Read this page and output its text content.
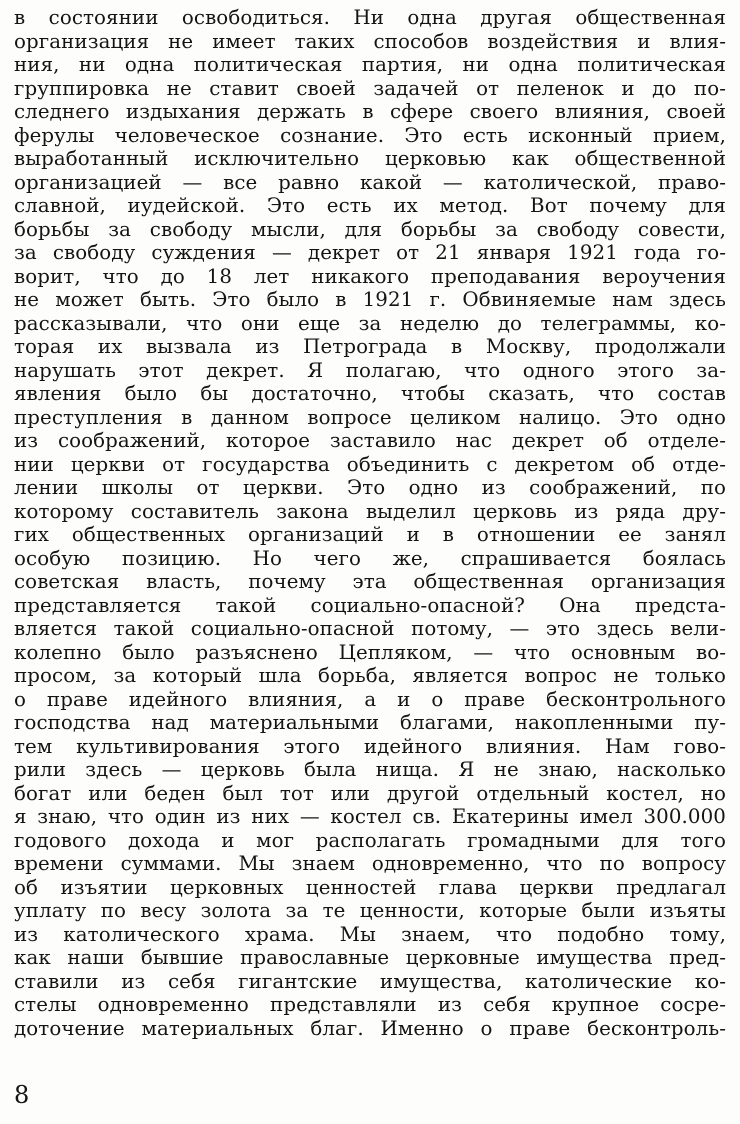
в состоянии освободиться. Ни одна другая общественная
организация не имеет таких способов воздействия и влия-
ния, ни одна политическая партия, ни одна политическая
группировка не ставит своей задачей от пеленок и до по-
следнего издыхания держать в сфере своего влияния, своей
ферулы человеческое сознание. Это есть исконный прием,
выработанный исключительно церковью как общественной
организацией — все равно какой — католической, право-
славной, иудейской. Это есть их метод. Вот почему для
борьбы за свободу мысли, для борьбы за свободу совести,
за свободу суждения — декрет от 21 января 1921 года го-
ворит, что до 18 лет никакого преподавания вероучения
не может быть. Это было в 1921 г. Обвиняемые нам здесь
рассказывали, что они еще за неделю до телеграммы, ко-
торая их вызвала из Петрограда в Москву, продолжали
нарушать этот декрет. Я полагаю, что одного этого за-
явления было бы достаточно, чтобы сказать, что состав
преступления в данном вопросе целиком налицо. Это одно
из соображений, которое заставило нас декрет об отделе-
нии церкви от государства объединить с декретом об отде-
лении школы от церкви. Это одно из соображений, по
которому составитель закона выделил церковь из ряда дру-
гих общественных организаций и в отношении ее занял
особую позицию. Но чего же, спрашивается боялась
советская власть, почему эта общественная организация
представляется такой социально-опасной? Она предста-
вляется такой социально-опасной потому, — это здесь вели-
колепно было разъяснено Цепляком, — что основным во-
просом, за который шла борьба, является вопрос не только
о праве идейного влияния, а и о праве бесконтрольного
господства над материальными благами, накопленными пу-
тем культивирования этого идейного влияния. Нам гово-
рили здесь — церковь была нища. Я не знаю, насколько
богат или беден был тот или другой отдельный костел, но
я знаю, что один из них — костел св. Екатерины имел 300.000
годового дохода и мог располагать громадными для того
времени суммами. Мы знаем одновременно, что по вопросу
об изъятии церковных ценностей глава церкви предлагал
уплату по весу золота за те ценности, которые были изъяты
из католического храма. Мы знаем, что подобно тому,
как наши бывшие православные церковные имущества пред-
ставили из себя гигантские имущества, католические ко-
стелы одновременно представляли из себя крупное сосре-
доточение материальных благ. Именно о праве бесконтроль-
8
